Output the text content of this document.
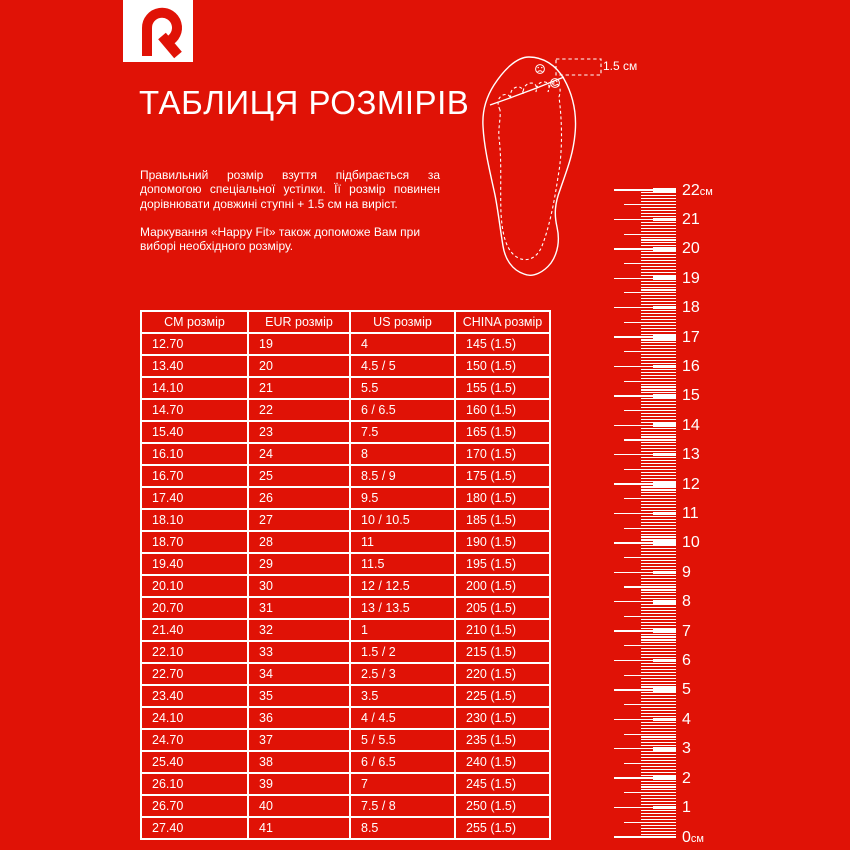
ТАБЛИЦЯ РОЗМІРІВ

Правильний розмір взуття підбирається за допомогою спеціальної устілки. Її розмір повинен дорівнювати довжині ступні + 1.5 см на виріст.

Маркування «Happy Fit» також допоможе Вам при виборі необхідного розміру.

1.5 см
22см
21
20
19
18
17
16
15
14
13
12
11
10
9
8
7
6
5
4
3
2
1
0см
CM розмір	EUR розмір	US розмір	CHINA розмір
12.70	19	4	145 (1.5)
13.40	20	4.5 / 5	150 (1.5)
14.10	21	5.5	155 (1.5)
14.70	22	6 / 6.5	160 (1.5)
15.40	23	7.5	165 (1.5)
16.10	24	8	170 (1.5)
16.70	25	8.5 / 9	175 (1.5)
17.40	26	9.5	180 (1.5)
18.10	27	10 / 10.5	185 (1.5)
18.70	28	11	190 (1.5)
19.40	29	11.5	195 (1.5)
20.10	30	12 / 12.5	200 (1.5)
20.70	31	13 / 13.5	205 (1.5)
21.40	32	1	210 (1.5)
22.10	33	1.5 / 2	215 (1.5)
22.70	34	2.5 / 3	220 (1.5)
23.40	35	3.5	225 (1.5)
24.10	36	4 / 4.5	230 (1.5)
24.70	37	5 / 5.5	235 (1.5)
25.40	38	6 / 6.5	240 (1.5)
26.10	39	7	245 (1.5)
26.70	40	7.5 / 8	250 (1.5)
27.40	41	8.5	255 (1.5)
